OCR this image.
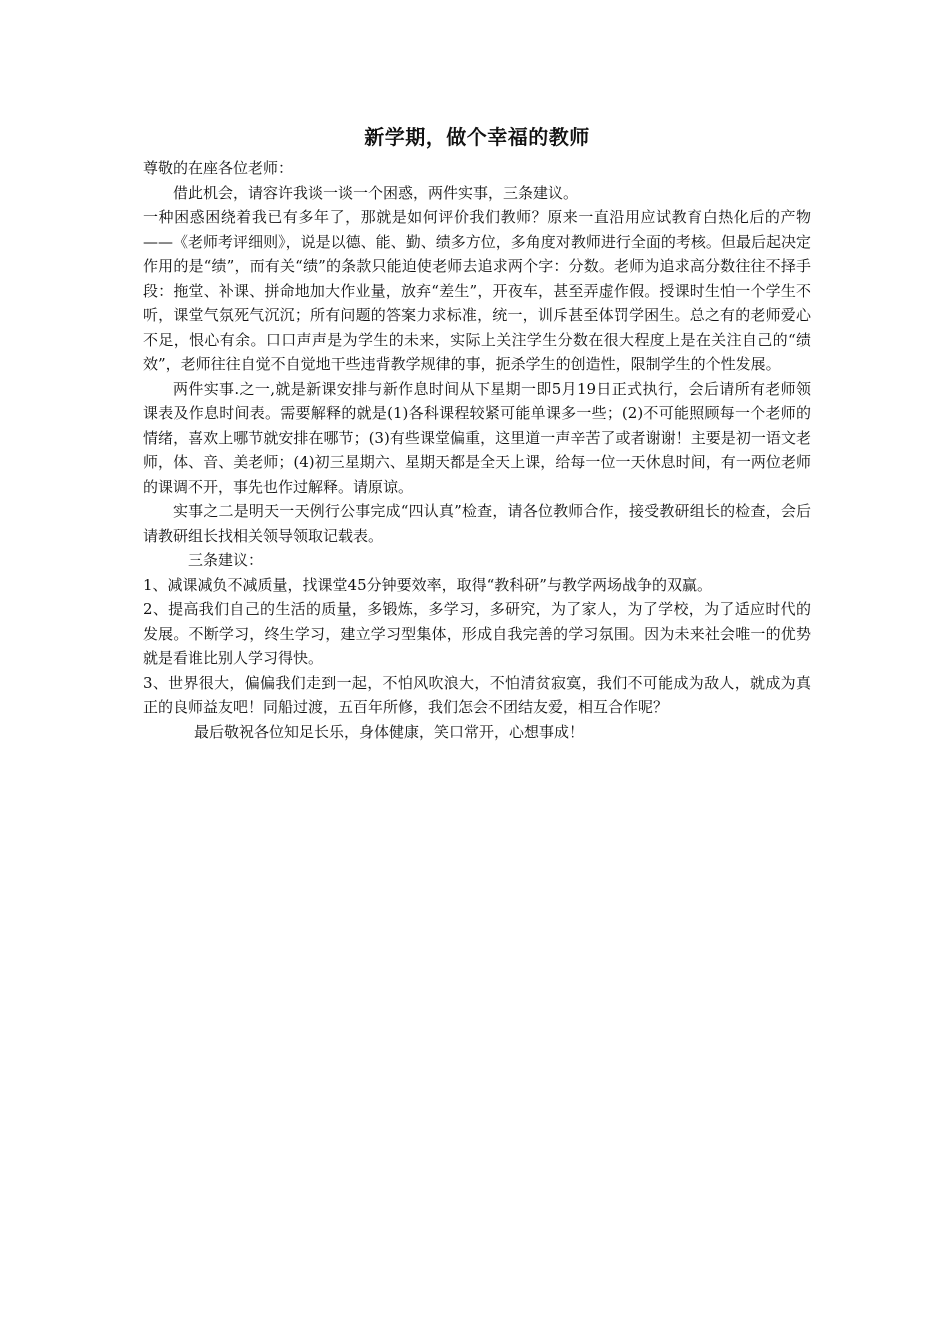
新学期，做个幸福的教师

尊敬的在座各位老师：

借此机会，请容许我谈一谈一个困惑，两件实事，三条建议。

一种困惑困绕着我已有多年了，那就是如何评价我们教师？原来一直沿用应试教育白热化后的产物——《老师考评细则》，说是以德、能、勤、绩多方位，多角度对教师进行全面的考核。但最后起决定作用的是“绩”，而有关“绩”的条款只能迫使老师去追求两个字：分数。老师为追求高分数往往不择手段：拖堂、补课、拼命地加大作业量，放弃“差生”，开夜车，甚至弄虚作假。授课时生怕一个学生不听，课堂气氛死气沉沉；所有问题的答案力求标准，统一，训斥甚至体罚学困生。总之有的老师爱心不足，恨心有余。口口声声是为学生的未来，实际上关注学生分数在很大程度上是在关注自己的“绩效”，老师往往自觉不自觉地干些违背教学规律的事，扼杀学生的创造性，限制学生的个性发展。

两件实事.之一,就是新课安排与新作息时间从下星期一即5月19日正式执行，会后请所有老师领课表及作息时间表。需要解释的就是(1)各科课程较紧可能单课多一些；(2)不可能照顾每一个老师的情绪，喜欢上哪节就安排在哪节；(3)有些课堂偏重，这里道一声辛苦了或者谢谢！主要是初一语文老师，体、音、美老师；(4)初三星期六、星期天都是全天上课，给每一位一天休息时间，有一两位老师的课调不开，事先也作过解释。请原谅。

实事之二是明天一天例行公事完成“四认真”检查，请各位教师合作，接受教研组长的检查，会后请教研组长找相关领导领取记载表。

三条建议：

1、减课减负不减质量，找课堂45分钟要效率，取得“教科研”与教学两场战争的双赢。

2、提高我们自己的生活的质量，多锻炼，多学习，多研究，为了家人，为了学校，为了适应时代的发展。不断学习，终生学习，建立学习型集体，形成自我完善的学习氛围。因为未来社会唯一的优势就是看谁比别人学习得快。

3、世界很大，偏偏我们走到一起，不怕风吹浪大，不怕清贫寂寞，我们不可能成为敌人，就成为真正的良师益友吧！同船过渡，五百年所修，我们怎会不团结友爱，相互合作呢？

最后敬祝各位知足长乐，身体健康，笑口常开，心想事成！
